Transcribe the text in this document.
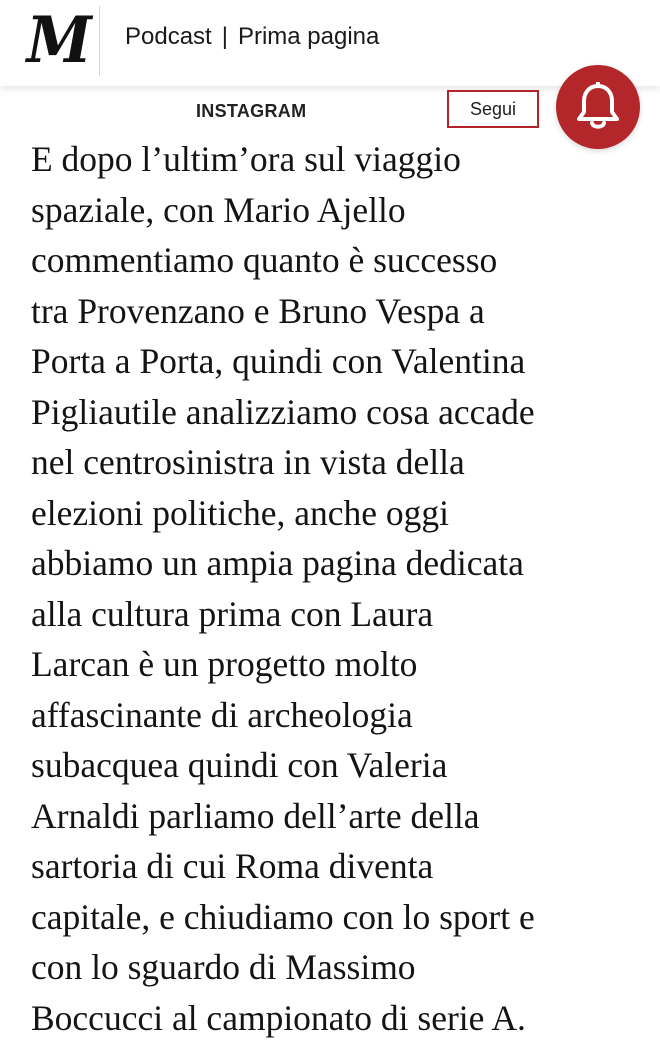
M Podcast | Prima pagina
INSTAGRAM	Segui

E dopo l’ultim’ora sul viaggio
spaziale, con Mario Ajello
commentiamo quanto è successo
tra Provenzano e Bruno Vespa a
Porta a Porta, quindi con Valentina
Pigliautile analizziamo cosa accade
nel centrosinistra in vista della
elezioni politiche, anche oggi
abbiamo un ampia pagina dedicata
alla cultura prima con Laura
Larcan è un progetto molto
affascinante di archeologia
subacquea quindi con Valeria
Arnaldi parliamo dell’arte della
sartoria di cui Roma diventa
capitale, e chiudiamo con lo sport e
con lo sguardo di Massimo
Boccucci al campionato di serie A.
